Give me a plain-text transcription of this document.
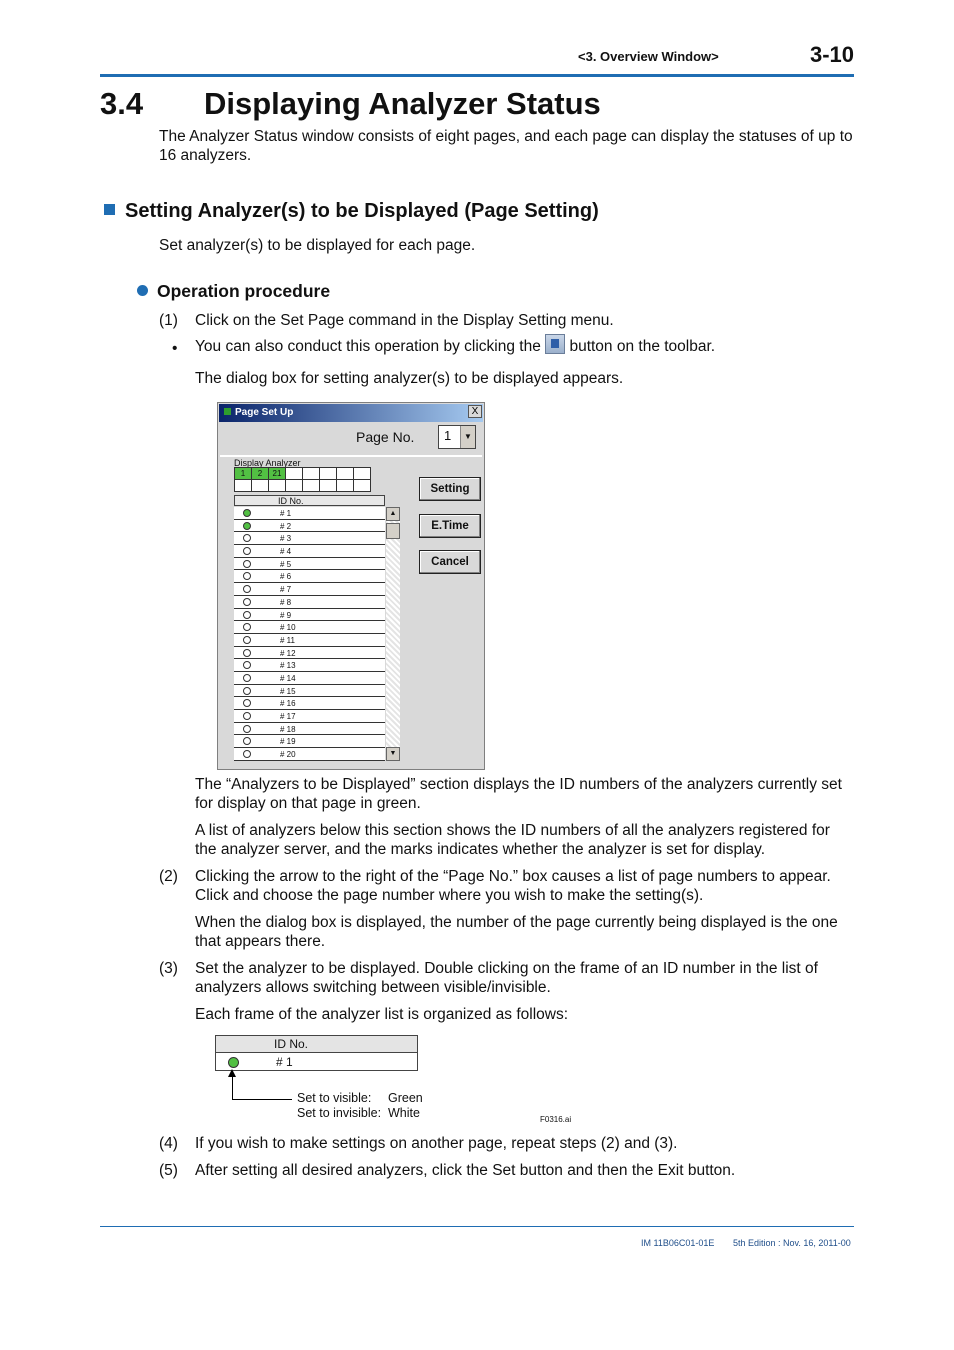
<3. Overview Window>	3-10
3.4 Displaying Analyzer Status
The Analyzer Status window consists of eight pages, and each page can display the statuses of up to 16 analyzers.
Setting Analyzer(s) to be Displayed (Page Setting)
Set analyzer(s) to be displayed for each page.
Operation procedure
(1) Click on the Set Page command in the Display Setting menu.
• You can also conduct this operation by clicking the button on the toolbar.
The dialog box for setting analyzer(s) to be displayed appears.
Page Set Up	X
Page No.	1	▼
Display Analyzer
1	2	21					

ID No.
# 1
# 2
# 3
# 4
# 5
# 6
# 7
# 8
# 9
# 10
# 11
# 12
# 13
# 14
# 15
# 16
# 17
# 18
# 19
# 20
▲
▼
Setting
E.Time
Cancel
The “Analyzers to be Displayed” section displays the ID numbers of the analyzers currently set for display on that page in green.
A list of analyzers below this section shows the ID numbers of all the analyzers registered for the analyzer server, and the marks indicates whether the analyzer is set for display.
(2) Clicking the arrow to the right of the “Page No.” box causes a list of page numbers to appear. Click and choose the page number where you wish to make the setting(s).
When the dialog box is displayed, the number of the page currently being displayed is the one that appears there.
(3) Set the analyzer to be displayed. Double clicking on the frame of an ID number in the list of analyzers allows switching between visible/invisible.
Each frame of the analyzer list is organized as follows:
ID No.
# 1
Set to visible: Green
Set to invisible: White	F0316.ai
(4) If you wish to make settings on another page, repeat steps (2) and (3).
(5) After setting all desired analyzers, click the Set button and then the Exit button.
IM 11B06C01-01E 5th Edition : Nov. 16, 2011-00
